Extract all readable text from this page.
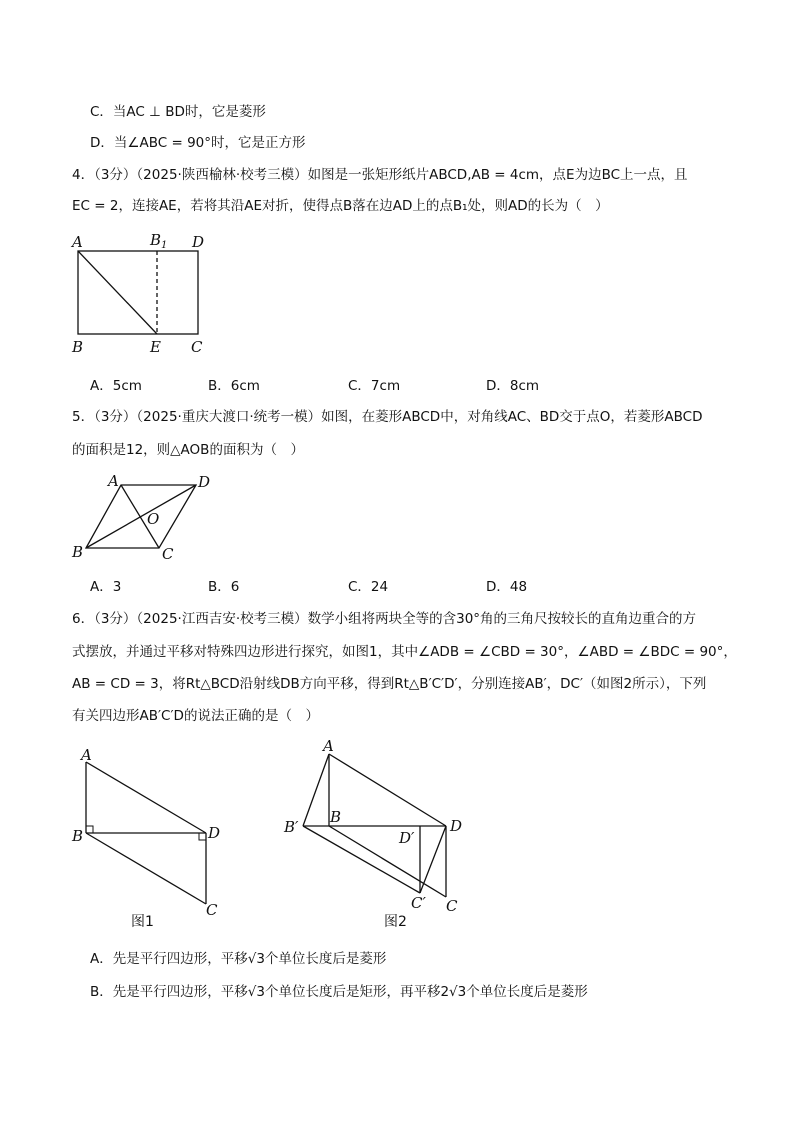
C．当AC ⊥ BD时，它是菱形
D．当∠ABC = 90°时，它是正方形
4．（3分）（2025·陕西榆林·校考三模）如图是一张矩形纸片ABCD,AB = 4cm，点E为边BC上一点，且
EC = 2，连接AE，若将其沿AE对折，使得点B落在边AD上的点B₁处，则AD的长为（　）
A	$B_1$ D
B	E C
A．5cm	B．6cm	C．7cm	D．8cm
5．（3分）（2025·重庆大渡口·统考一模）如图，在菱形ABCD中，对角线AC、BD交于点O，若菱形ABCD
的面积是12，则△AOB的面积为（　）
A	D
O
B	C
A．3	B．6	C．24	D．48
6．（3分）（2025·江西吉安·校考三模）数学小组将两块全等的含30°角的三角尺按较长的直角边重合的方
式摆放，并通过平移对特殊四边形进行探究，如图1，其中∠ADB = ∠CBD = 30°，∠ABD = ∠BDC = 90°，
AB = CD = 3，将Rt△BCD沿射线DB方向平移，得到Rt△B′C′D′，分别连接AB′，DC′（如图2所示），下列
有关四边形AB′C′D的说法正确的是（　）
A
B	D
C
图1
A
B
B′
D′
D
C′ C
图2
A．先是平行四边形，平移√3个单位长度后是菱形
B．先是平行四边形，平移√3个单位长度后是矩形，再平移2√3个单位长度后是菱形
